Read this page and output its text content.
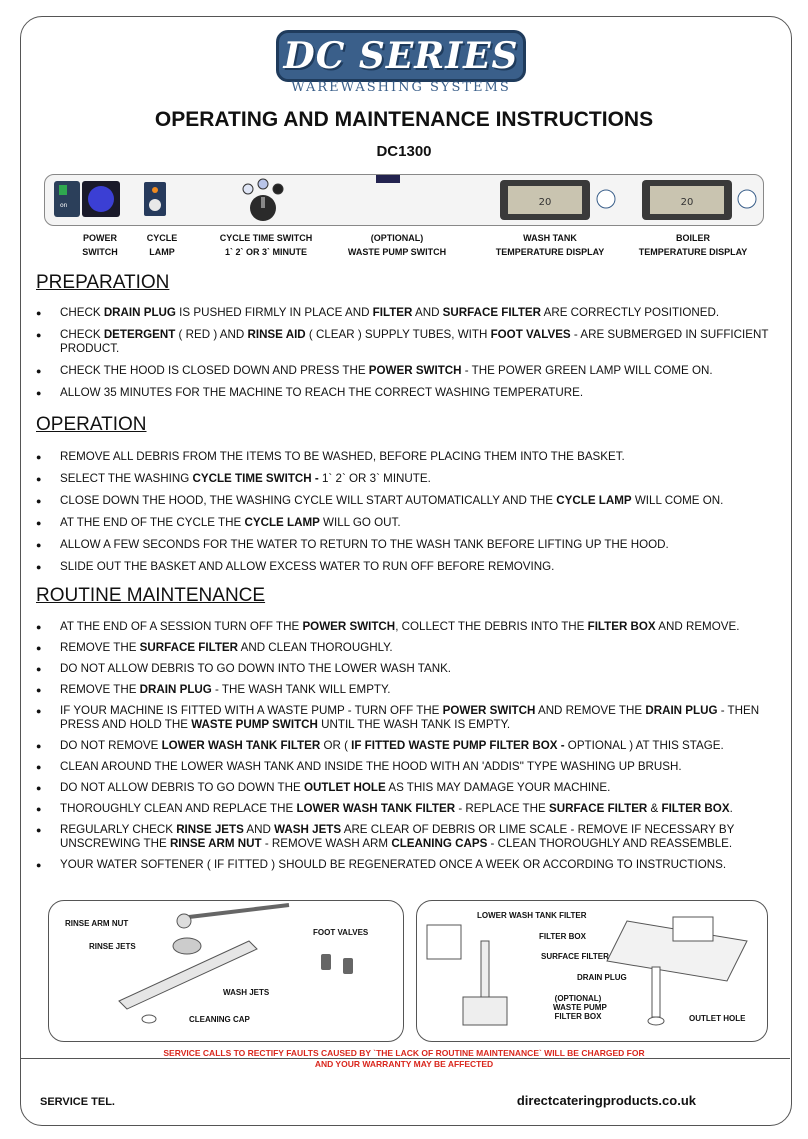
DC SERIES
WAREWASHING SYSTEMS
OPERATING AND MAINTENANCE INSTRUCTIONS
DC1300
on	20	20
POWER
SWITCH
CYCLE
LAMP
CYCLE TIME SWITCH
1` 2` OR 3` MINUTE
(OPTIONAL)
WASTE PUMP SWITCH
WASH TANK
TEMPERATURE DISPLAY
BOILER
TEMPERATURE DISPLAY
PREPARATION
● CHECK DRAIN PLUG IS PUSHED FIRMLY IN PLACE AND FILTER AND SURFACE FILTER ARE CORRECTLY POSITIONED.
● CHECK DETERGENT ( RED ) AND RINSE AID ( CLEAR ) SUPPLY TUBES, WITH FOOT VALVES - ARE SUBMERGED IN SUFFICIENT PRODUCT.
● CHECK THE HOOD IS CLOSED DOWN AND PRESS THE POWER SWITCH - THE POWER GREEN LAMP WILL COME ON.
● ALLOW 35 MINUTES FOR THE MACHINE TO REACH THE CORRECT WASHING TEMPERATURE.
OPERATION
● REMOVE ALL DEBRIS FROM THE ITEMS TO BE WASHED, BEFORE PLACING THEM INTO THE BASKET.
● SELECT THE WASHING CYCLE TIME SWITCH - 1` 2` OR 3` MINUTE.
● CLOSE DOWN THE HOOD, THE WASHING CYCLE WILL START AUTOMATICALLY AND THE CYCLE LAMP WILL COME ON.
● AT THE END OF THE CYCLE THE CYCLE LAMP WILL GO OUT.
● ALLOW A FEW SECONDS FOR THE WATER TO RETURN TO THE WASH TANK BEFORE LIFTING UP THE HOOD.
● SLIDE OUT THE BASKET AND ALLOW EXCESS WATER TO RUN OFF BEFORE REMOVING.
ROUTINE MAINTENANCE
● AT THE END OF A SESSION TURN OFF THE POWER SWITCH, COLLECT THE DEBRIS INTO THE FILTER BOX AND REMOVE.
● REMOVE THE SURFACE FILTER AND CLEAN THOROUGHLY.
● DO NOT ALLOW DEBRIS TO GO DOWN INTO THE LOWER WASH TANK.
● REMOVE THE DRAIN PLUG - THE WASH TANK WILL EMPTY.
● IF YOUR MACHINE IS FITTED WITH A WASTE PUMP - TURN OFF THE POWER SWITCH AND REMOVE THE DRAIN PLUG - THEN PRESS AND HOLD THE WASTE PUMP SWITCH UNTIL THE WASH TANK IS EMPTY.
● DO NOT REMOVE LOWER WASH TANK FILTER OR ( IF FITTED WASTE PUMP FILTER BOX - OPTIONAL ) AT THIS STAGE.
● CLEAN AROUND THE LOWER WASH TANK AND INSIDE THE HOOD WITH AN 'ADDIS'' TYPE WASHING UP BRUSH.
● DO NOT ALLOW DEBRIS TO GO DOWN THE OUTLET HOLE AS THIS MAY DAMAGE YOUR MACHINE.
● THOROUGHLY CLEAN AND REPLACE THE LOWER WASH TANK FILTER - REPLACE THE SURFACE FILTER & FILTER BOX.
● REGULARLY CHECK RINSE JETS AND WASH JETS ARE CLEAR OF DEBRIS OR LIME SCALE - REMOVE IF NECESSARY BY UNSCREWING THE RINSE ARM NUT - REMOVE WASH ARM CLEANING CAPS - CLEAN THOROUGHLY AND REASSEMBLE.
● YOUR WATER SOFTENER ( IF FITTED ) SHOULD BE REGENERATED ONCE A WEEK OR ACCORDING TO INSTRUCTIONS.
RINSE ARM NUT
RINSE JETS
WASH JETS
CLEANING CAP
FOOT VALVES
LOWER WASH TANK FILTER
FILTER BOX
SURFACE FILTER
DRAIN PLUG
(OPTIONAL)
WASTE PUMP
FILTER BOX	OUTLET HOLE
SERVICE CALLS TO RECTIFY FAULTS CAUSED BY `THE LACK OF ROUTINE MAINTENANCE` WILL BE CHARGED FOR
AND YOUR WARRANTY MAY BE AFFECTED
SERVICE TEL.	directcateringproducts.co.uk
